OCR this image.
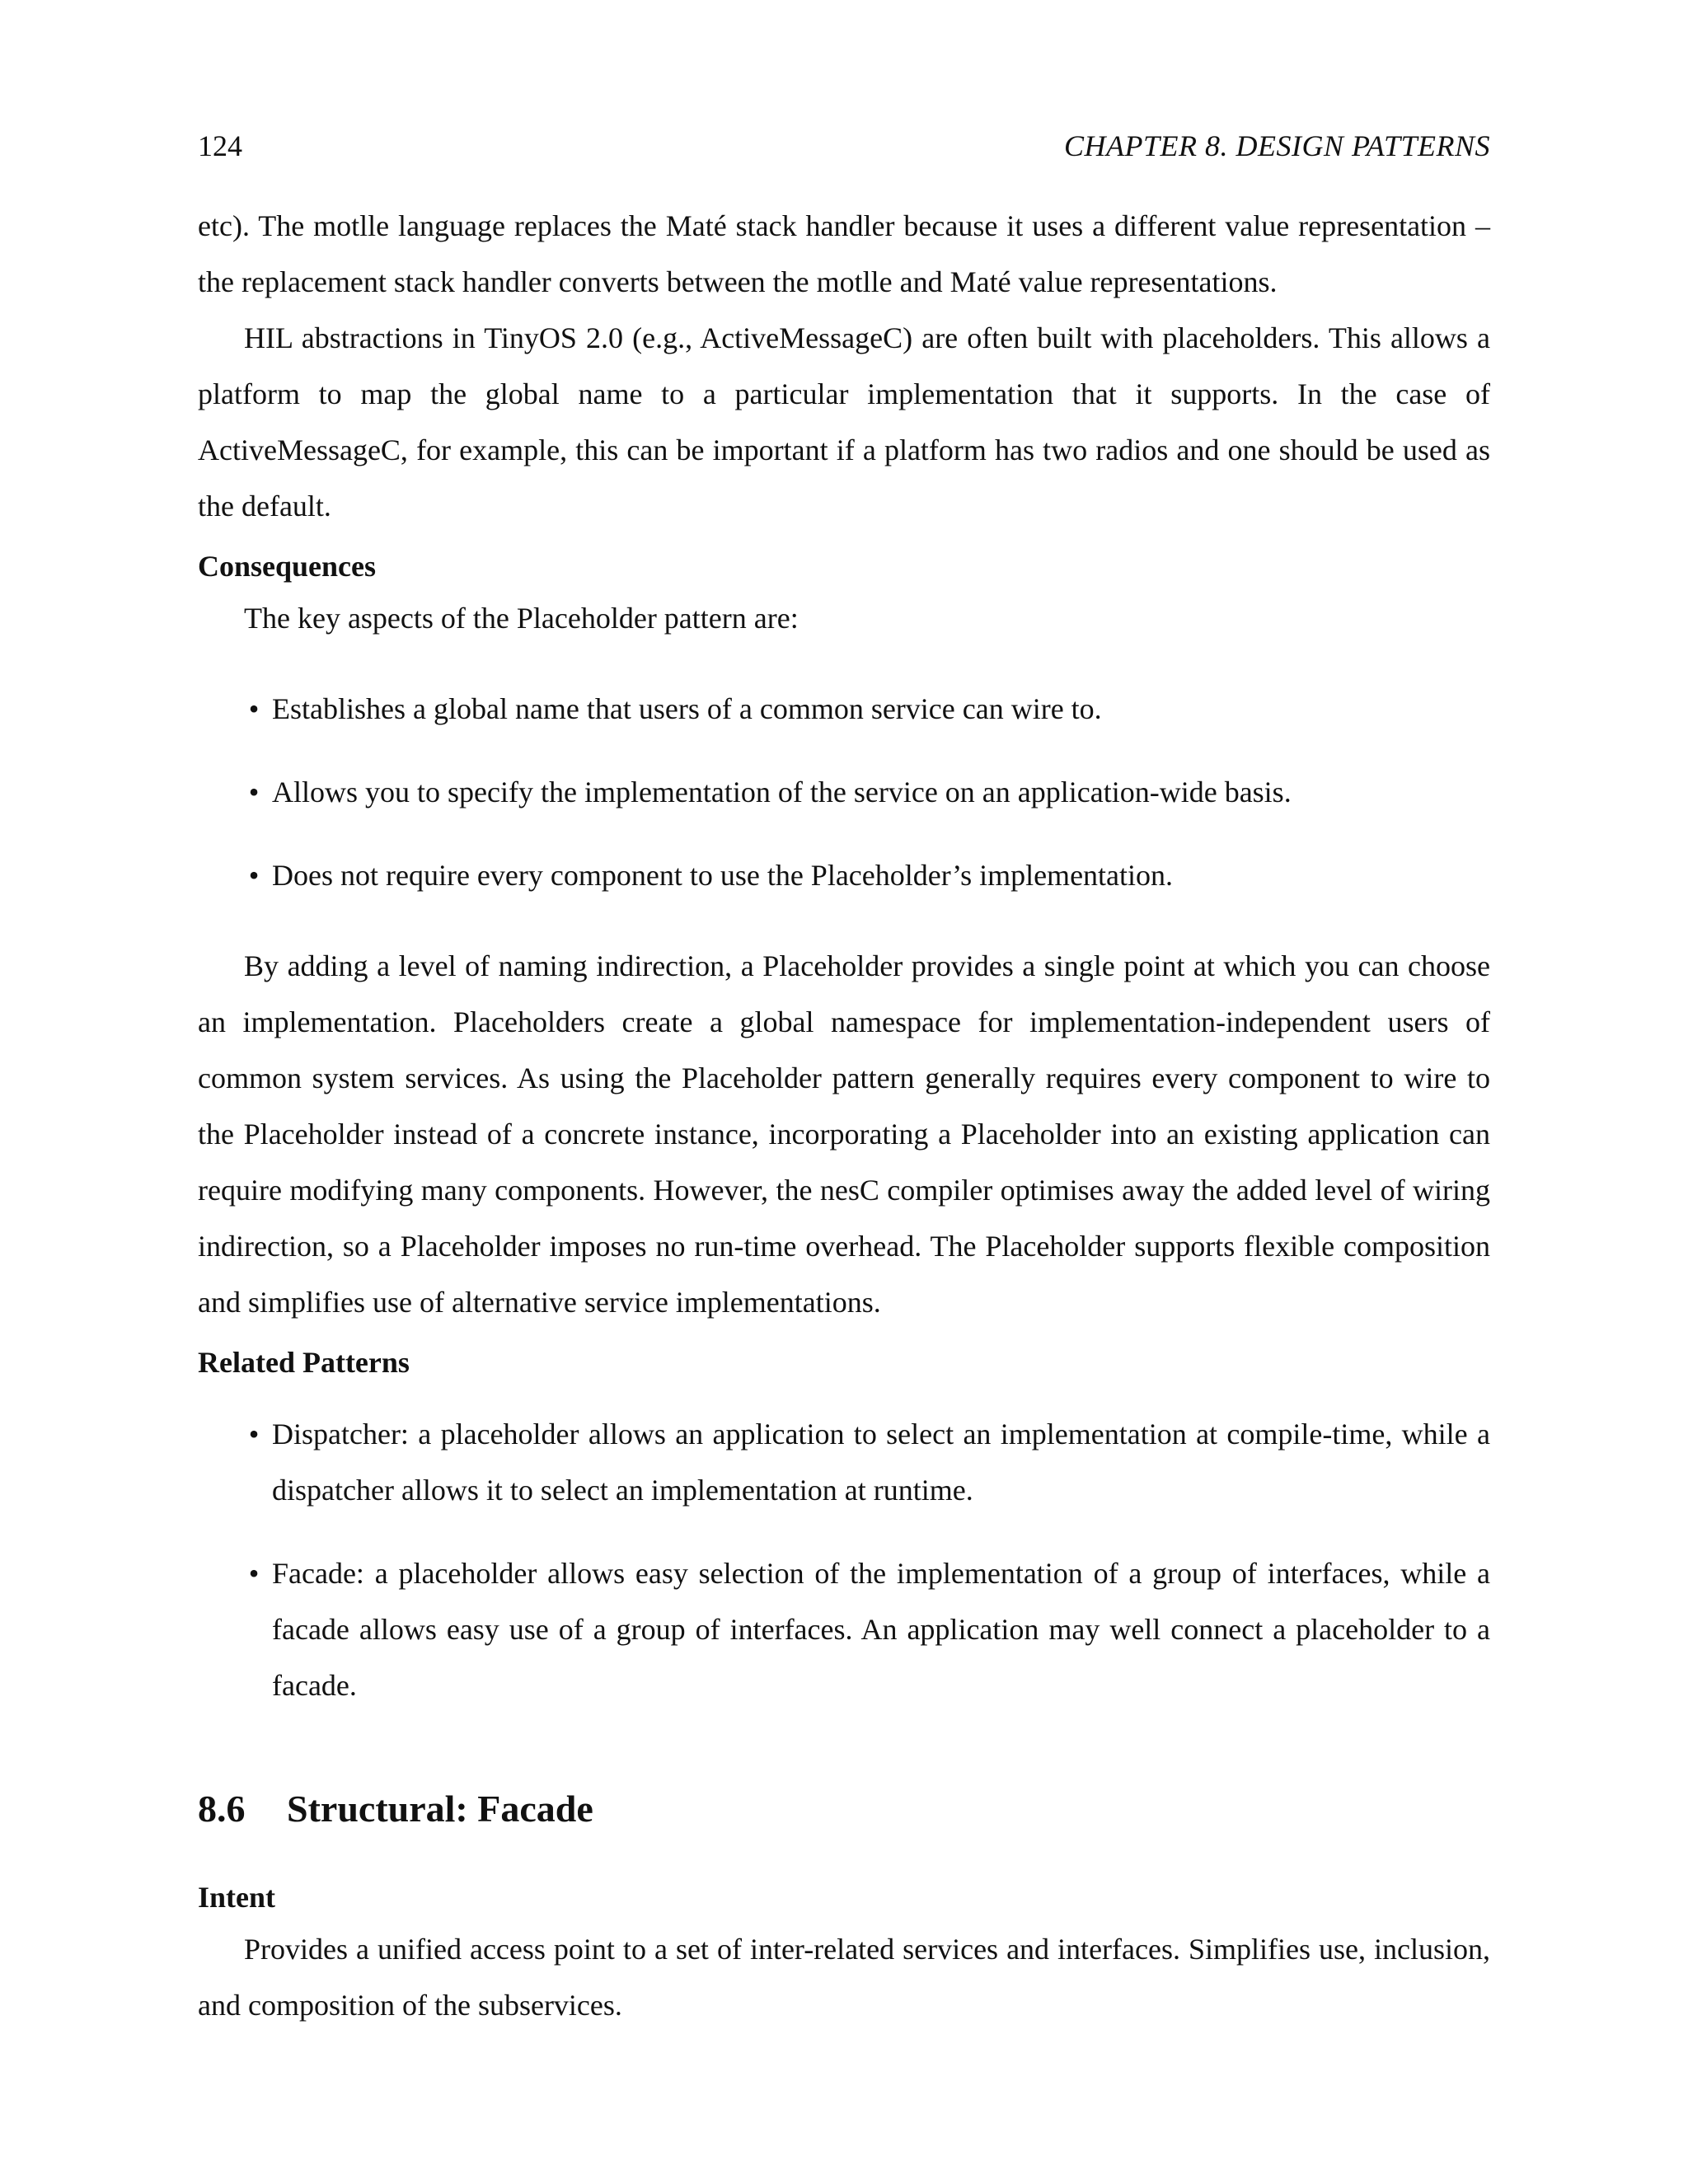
124	CHAPTER 8. DESIGN PATTERNS

etc). The motlle language replaces the Maté stack handler because it uses a different value representation – the replacement stack handler converts between the motlle and Maté value representations.

HIL abstractions in TinyOS 2.0 (e.g., ActiveMessageC) are often built with placeholders. This allows a platform to map the global name to a particular implementation that it supports. In the case of ActiveMessageC, for example, this can be important if a platform has two radios and one should be used as the default.

Consequences

The key aspects of the Placeholder pattern are:

• Establishes a global name that users of a common service can wire to.
• Allows you to specify the implementation of the service on an application-wide basis.
• Does not require every component to use the Placeholder’s implementation.

By adding a level of naming indirection, a Placeholder provides a single point at which you can choose an implementation. Placeholders create a global namespace for implementation-independent users of common system services. As using the Placeholder pattern generally requires every component to wire to the Placeholder instead of a concrete instance, incorporating a Placeholder into an existing application can require modifying many components. However, the nesC compiler optimises away the added level of wiring indirection, so a Placeholder imposes no run-time overhead. The Placeholder supports flexible composition and simplifies use of alternative service implementations.

Related Patterns
• Dispatcher: a placeholder allows an application to select an implementation at compile-time, while a dispatcher allows it to select an implementation at runtime.
• Facade: a placeholder allows easy selection of the implementation of a group of interfaces, while a facade allows easy use of a group of interfaces. An application may well connect a placeholder to a facade.
8.6 Structural: Facade
Intent

Provides a unified access point to a set of inter-related services and interfaces. Simplifies use, inclusion, and composition of the subservices.
